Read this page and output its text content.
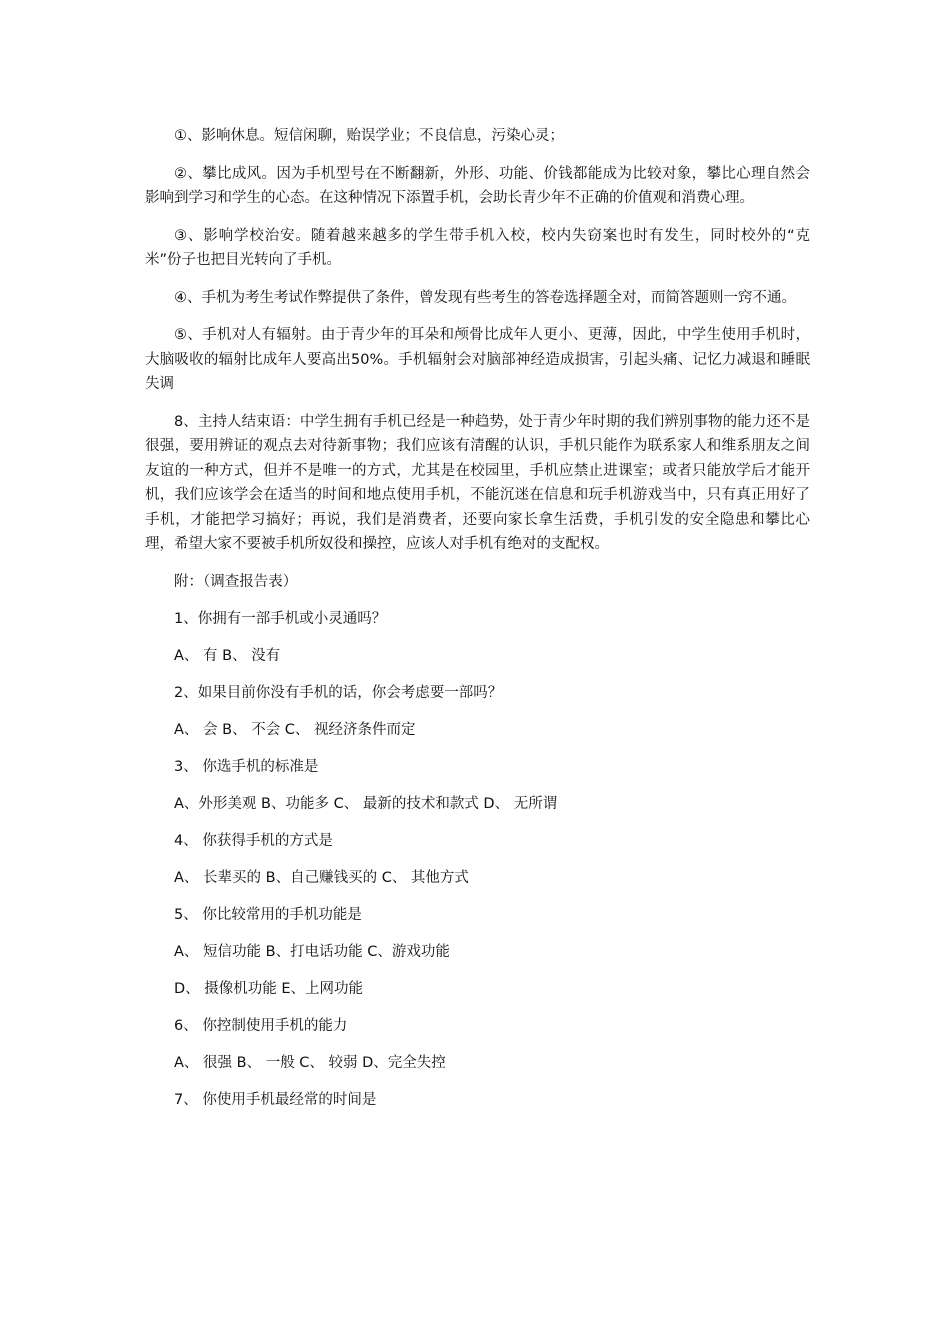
①、影响休息。短信闲聊，贻误学业；不良信息，污染心灵；

②、攀比成风。因为手机型号在不断翻新，外形、功能、价钱都能成为比较对象，攀比心理自然会影响到学习和学生的心态。在这种情况下添置手机，会助长青少年不正确的价值观和消费心理。

③、影响学校治安。随着越来越多的学生带手机入校，校内失窃案也时有发生，同时校外的“克米”份子也把目光转向了手机。

④、手机为考生考试作弊提供了条件，曾发现有些考生的答卷选择题全对，而简答题则一窍不通。

⑤、手机对人有辐射。由于青少年的耳朵和颅骨比成年人更小、更薄，因此，中学生使用手机时，大脑吸收的辐射比成年人要高出50%。手机辐射会对脑部神经造成损害，引起头痛、记忆力减退和睡眠失调

8、主持人结束语：中学生拥有手机已经是一种趋势，处于青少年时期的我们辨别事物的能力还不是很强，要用辨证的观点去对待新事物；我们应该有清醒的认识，手机只能作为联系家人和维系朋友之间友谊的一种方式，但并不是唯一的方式，尤其是在校园里，手机应禁止进课室；或者只能放学后才能开机，我们应该学会在适当的时间和地点使用手机，不能沉迷在信息和玩手机游戏当中，只有真正用好了手机，才能把学习搞好；再说，我们是消费者，还要向家长拿生活费，手机引发的安全隐患和攀比心理，希望大家不要被手机所奴役和操控，应该人对手机有绝对的支配权。

附：（调查报告表）

1、你拥有一部手机或小灵通吗？

A、 有 B、 没有

2、如果目前你没有手机的话，你会考虑要一部吗？

A、 会 B、 不会 C、 视经济条件而定

3、 你选手机的标准是

A、外形美观 B、功能多 C、 最新的技术和款式 D、 无所谓

4、 你获得手机的方式是

A、 长辈买的 B、自己赚钱买的 C、 其他方式

5、 你比较常用的手机功能是

A、 短信功能 B、打电话功能 C、游戏功能

D、 摄像机功能 E、上网功能

6、 你控制使用手机的能力

A、 很强 B、 一般 C、 较弱 D、完全失控

7、 你使用手机最经常的时间是
